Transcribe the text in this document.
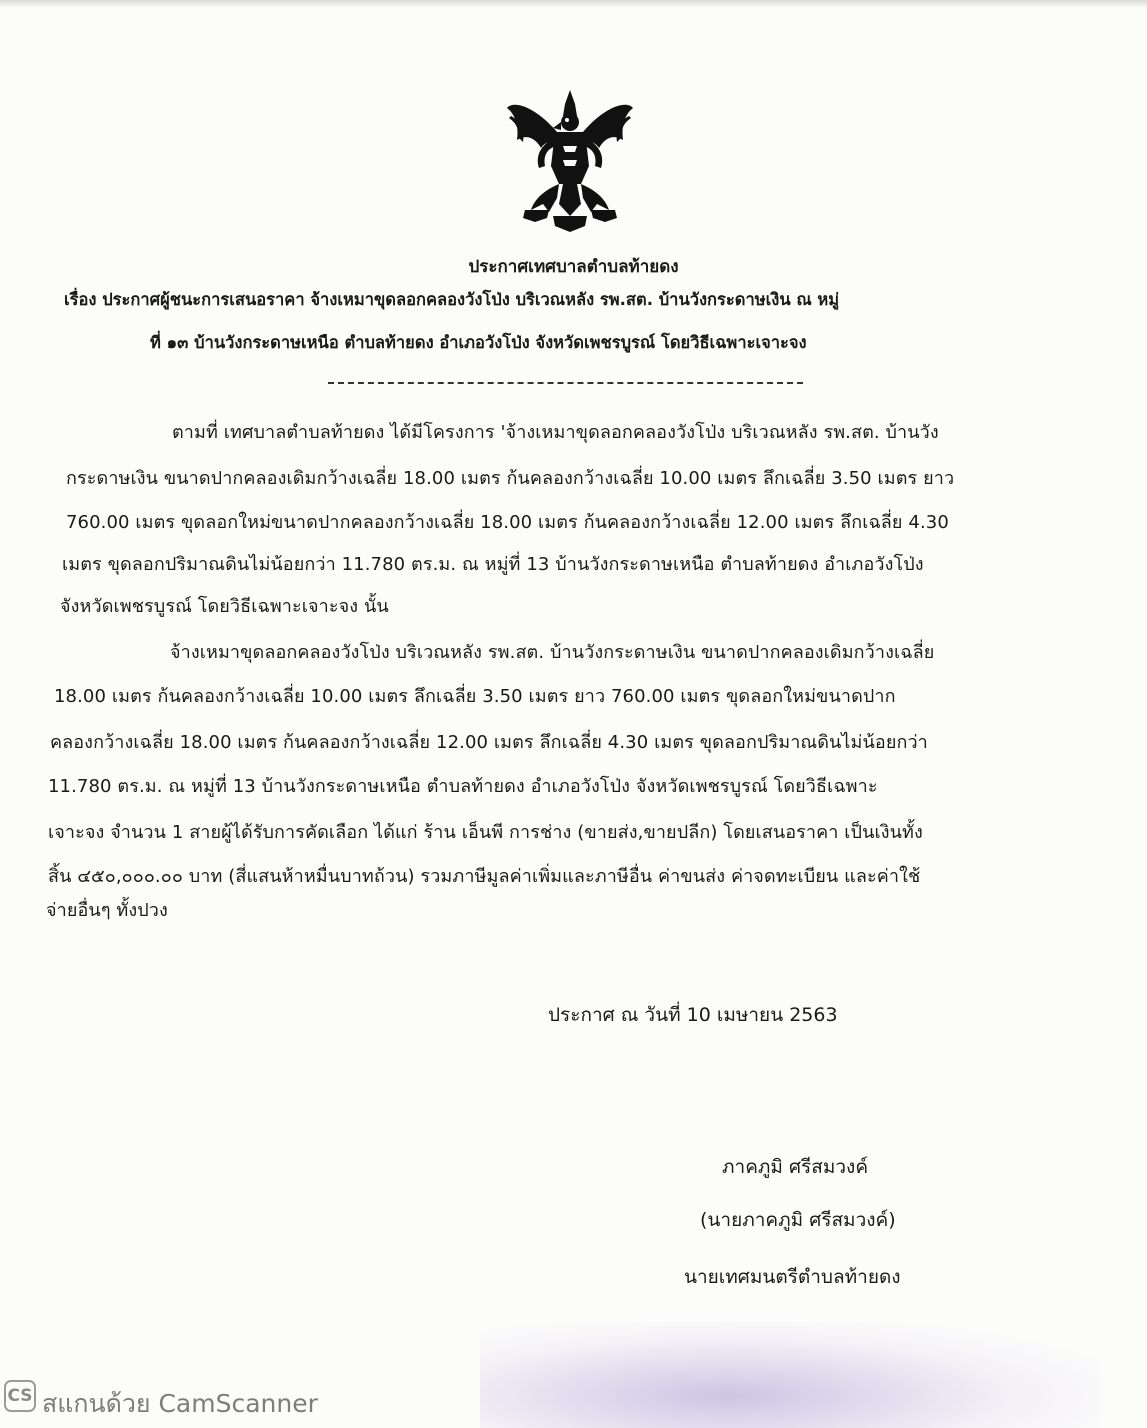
ประกาศเทศบาลตำบลท้ายดง
เรื่อง ประกาศผู้ชนะการเสนอราคา จ้างเหมาขุดลอกคลองวังโป่ง บริเวณหลัง รพ.สต. บ้านวังกระดาษเงิน ณ หมู่
ที่ ๑๓ บ้านวังกระดาษเหนือ ตำบลท้ายดง อำเภอวังโป่ง จังหวัดเพชรบูรณ์ โดยวิธีเฉพาะเจาะจง
ตามที่ เทศบาลตำบลท้ายดง ได้มีโครงการ 'จ้างเหมาขุดลอกคลองวังโป่ง บริเวณหลัง รพ.สต. บ้านวัง
กระดาษเงิน ขนาดปากคลองเดิมกว้างเฉลี่ย 18.00 เมตร ก้นคลองกว้างเฉลี่ย 10.00 เมตร ลึกเฉลี่ย 3.50 เมตร ยาว
760.00 เมตร ขุดลอกใหม่ขนาดปากคลองกว้างเฉลี่ย 18.00 เมตร ก้นคลองกว้างเฉลี่ย 12.00 เมตร ลึกเฉลี่ย 4.30
เมตร ขุดลอกปริมาณดินไม่น้อยกว่า 11.780 ตร.ม. ณ หมู่ที่ 13 บ้านวังกระดาษเหนือ ตำบลท้ายดง อำเภอวังโป่ง
จังหวัดเพชรบูรณ์ โดยวิธีเฉพาะเจาะจง นั้น
จ้างเหมาขุดลอกคลองวังโป่ง บริเวณหลัง รพ.สต. บ้านวังกระดาษเงิน ขนาดปากคลองเดิมกว้างเฉลี่ย
18.00 เมตร ก้นคลองกว้างเฉลี่ย 10.00 เมตร ลึกเฉลี่ย 3.50 เมตร ยาว 760.00 เมตร ขุดลอกใหม่ขนาดปาก
คลองกว้างเฉลี่ย 18.00 เมตร ก้นคลองกว้างเฉลี่ย 12.00 เมตร ลึกเฉลี่ย 4.30 เมตร ขุดลอกปริมาณดินไม่น้อยกว่า
11.780 ตร.ม. ณ หมู่ที่ 13 บ้านวังกระดาษเหนือ ตำบลท้ายดง อำเภอวังโป่ง จังหวัดเพชรบูรณ์ โดยวิธีเฉพาะ
เจาะจง จำนวน 1 สายผู้ได้รับการคัดเลือก ได้แก่ ร้าน เอ็นพี การช่าง (ขายส่ง,ขายปลีก) โดยเสนอราคา เป็นเงินทั้ง
สิ้น ๔๕๐,๐๐๐.๐๐ บาท (สี่แสนห้าหมื่นบาทถ้วน) รวมภาษีมูลค่าเพิ่มและภาษีอื่น ค่าขนส่ง ค่าจดทะเบียน และค่าใช้
จ่ายอื่นๆ ทั้งปวง
ประกาศ ณ วันที่ 10 เมษายน 2563
ภาคภูมิ ศรีสมวงค์
(นายภาคภูมิ ศรีสมวงค์)
นายเทศมนตรีตำบลท้ายดง
CS สแกนด้วย CamScanner
